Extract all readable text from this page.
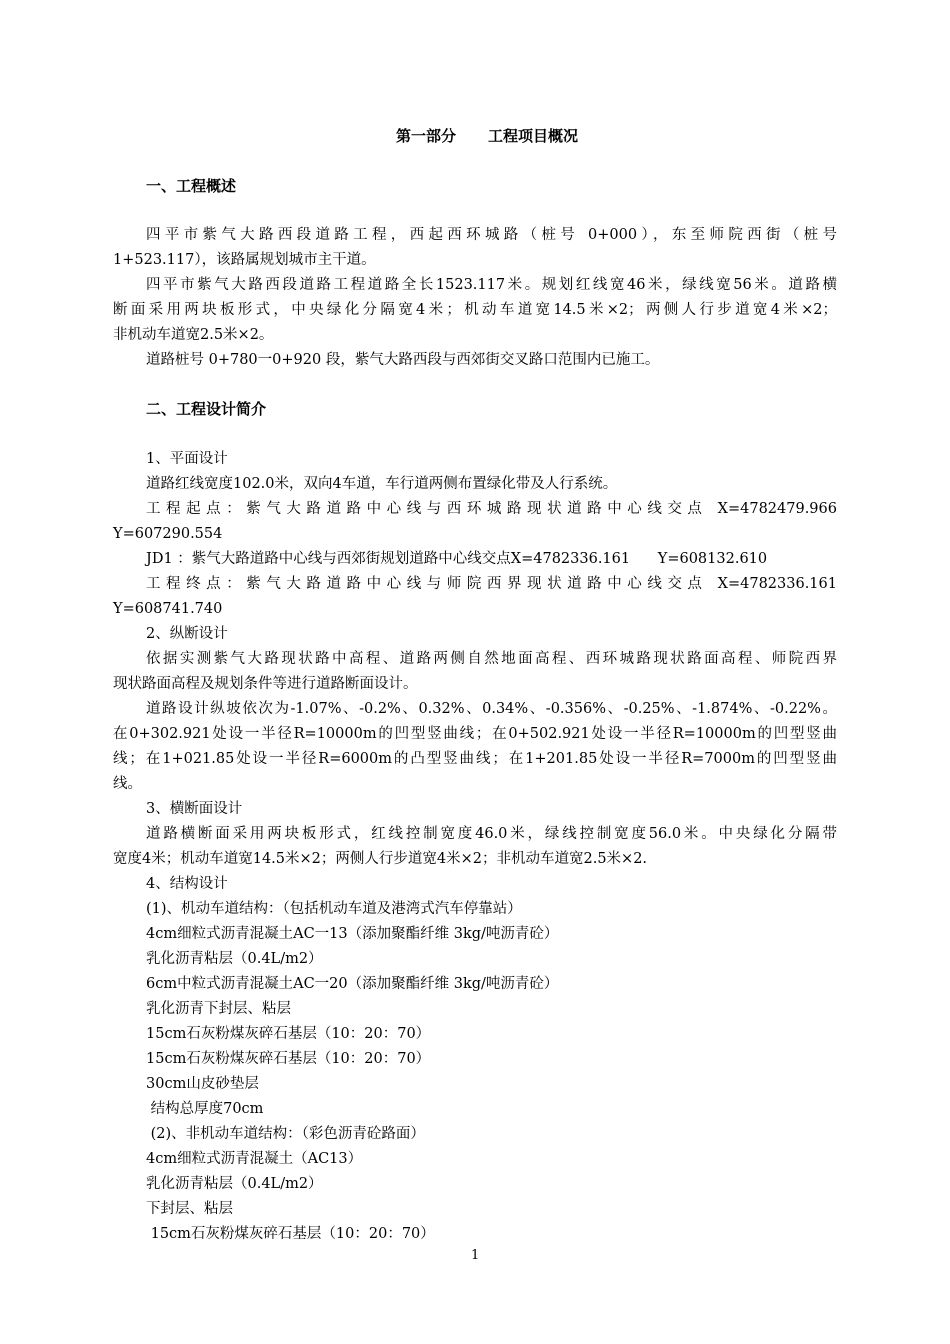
第一部分 工程项目概况
一、工程概述
四平市紫气大路西段道路工程，西起西环城路（桩号 0+000），东至师院西街（桩号
1+523.117），该路属规划城市主干道。
四平市紫气大路西段道路工程道路全长1523.117米。规划红线宽46米，绿线宽56米。道路横
断面采用两块板形式，中央绿化分隔宽4米；机动车道宽14.5米×2；两侧人行步道宽4米×2；
非机动车道宽2.5米×2。
道路桩号 0+780一0+920 段，紫气大路西段与西郊街交叉路口范围内已施工。
二、工程设计简介
1、平面设计
道路红线宽度102.0米，双向4车道，车行道两侧布置绿化带及人行系统。
工程起点：紫气大路道路中心线与西环城路现状道路中心线交点 X=4782479.966
Y=607290.554
JD1 ：紫气大路道路中心线与西郊街规划道路中心线交点X=4782336.161      Y=608132.610
工程终点：紫气大路道路中心线与师院西界现状道路中心线交点 X=4782336.161
Y=608741.740
2、纵断设计
依据实测紫气大路现状路中高程、道路两侧自然地面高程、西环城路现状路面高程、师院西界
现状路面高程及规划条件等进行道路断面设计。
道路设计纵坡依次为-1.07%、-0.2%、0.32%、0.34%、-0.356%、-0.25%、-1.874%、-0.22%。
在0+302.921处设一半径R=10000m的凹型竖曲线；在0+502.921处设一半径R=10000m的凹型竖曲
线；在1+021.85处设一半径R=6000m的凸型竖曲线；在1+201.85处设一半径R=7000m的凹型竖曲
线。
3、横断面设计
道路横断面采用两块板形式，红线控制宽度46.0米，绿线控制宽度56.0米。中央绿化分隔带
宽度4米；机动车道宽14.5米×2；两侧人行步道宽4米×2；非机动车道宽2.5米×2.
4、结构设计
(1)、机动车道结构：（包括机动车道及港湾式汽车停靠站）
4cm细粒式沥青混凝土AC一13（添加聚酯纤维 3kg/吨沥青砼）
乳化沥青粘层（0.4L/m2）
6cm中粒式沥青混凝土AC一20（添加聚酯纤维 3kg/吨沥青砼）
乳化沥青下封层、粘层
15cm石灰粉煤灰碎石基层（10：20：70）
15cm石灰粉煤灰碎石基层（10：20：70）
30cm山皮砂垫层
结构总厚度70cm
(2)、非机动车道结构：（彩色沥青砼路面）
4cm细粒式沥青混凝土（AC13）
乳化沥青粘层（0.4L/m2）
下封层、粘层
15cm石灰粉煤灰碎石基层（10：20：70）
1
